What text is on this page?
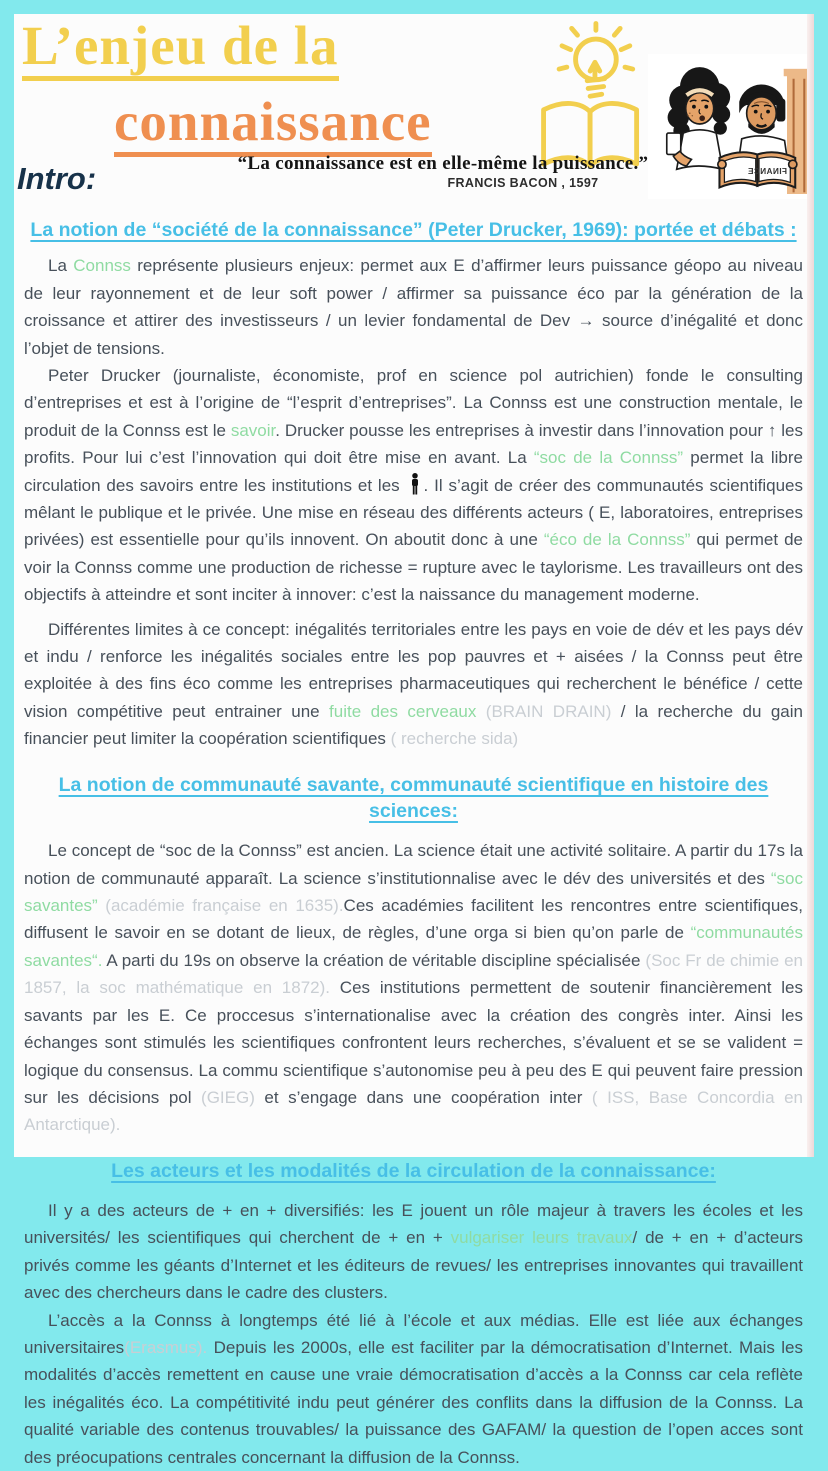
L’enjeu de la
connaissance
FINANCE
“La connaissance est en elle-même la puissance.”
FRANCIS BACON , 1597
Intro:
La notion de “société de la connaissance” (Peter Drucker, 1969): portée et débats :

La Connss représente plusieurs enjeux: permet aux E d’affirmer leurs puissance géopo au niveau de leur rayonnement et de leur soft power / affirmer sa puissance éco par la génération de la croissance et attirer des investisseurs / un levier fondamental de Dev → source d’inégalité et donc l’objet de tensions.

Peter Drucker (journaliste, économiste, prof en science pol autrichien) fonde le consulting d’entreprises et est à l’origine de “l’esprit d’entreprises”. La Connss est une construction mentale, le produit de la Connss est le savoir. Drucker pousse les entreprises à investir dans l’innovation pour ↑ les profits. Pour lui c’est l’innovation qui doit être mise en avant. La “soc de la Connss” permet la libre circulation des savoirs entre les institutions et les . Il s’agit de créer des communautés scientifiques mêlant le publique et le privée. Une mise en réseau des différents acteurs ( E, laboratoires, entreprises privées) est essentielle pour qu’ils innovent. On aboutit donc à une “éco de la Connss” qui permet de voir la Connss comme une production de richesse = rupture avec le taylorisme. Les travailleurs ont des objectifs à atteindre et sont inciter à innover: c’est la naissance du management moderne.

Différentes limites à ce concept: inégalités territoriales entre les pays en voie de dév et les pays dév et indu / renforce les inégalités sociales entre les pop pauvres et + aisées / la Connss peut être exploitée à des fins éco comme les entreprises pharmaceutiques qui recherchent le bénéfice / cette vision compétitive peut entrainer une fuite des cerveaux (BRAIN DRAIN) / la recherche du gain financier peut limiter la coopération scientifiques ( recherche sida)

La notion de communauté savante, communauté scientifique en histoire des sciences:

Le concept de “soc de la Connss” est ancien. La science était une activité solitaire. A partir du 17s la notion de communauté apparaît. La science s’institutionnalise avec le dév des universités et des “soc savantes” (académie française en 1635).Ces académies facilitent les rencontres entre scientifiques, diffusent le savoir en se dotant de lieux, de règles, d’une orga si bien qu’on parle de “communautés savantes“. A parti du 19s on observe la création de véritable discipline spécialisée (Soc Fr de chimie en 1857, la soc mathématique en 1872). Ces institutions permettent de soutenir financièrement les savants par les E. Ce proccesus s’internationalise avec la création des congrès inter. Ainsi les échanges sont stimulés les scientifiques confrontent leurs recherches, s’évaluent et se se valident = logique du consensus. La commu scientifique s’autonomise peu à peu des E qui peuvent faire pression sur les décisions pol (GIEG) et s’engage dans une coopération inter ( ISS, Base Concordia en Antarctique).

Les acteurs et les modalités de la circulation de la connaissance:

Il y a des acteurs de + en + diversifiés: les E jouent un rôle majeur à travers les écoles et les universités/ les scientifiques qui cherchent de + en + vulgariser leurs travaux/ de + en + d’acteurs privés comme les géants d’Internet et les éditeurs de revues/ les entreprises innovantes qui travaillent avec des chercheurs dans le cadre des clusters.

L’accès a la Connss à longtemps été lié à l’école et aux médias. Elle est liée aux échanges universitaires(Erasmus). Depuis les 2000s, elle est faciliter par la démocratisation d’Internet. Mais les modalités d’accès remettent en cause une vraie démocratisation d’accès a la Connss car cela reflète les inégalités éco. La compétitivité indu peut générer des conflits dans la diffusion de la Connss. La qualité variable des contenus trouvables/ la puissance des GAFAM/ la question de l’open acces sont des préocupations centrales concernant la diffusion de la Connss.
